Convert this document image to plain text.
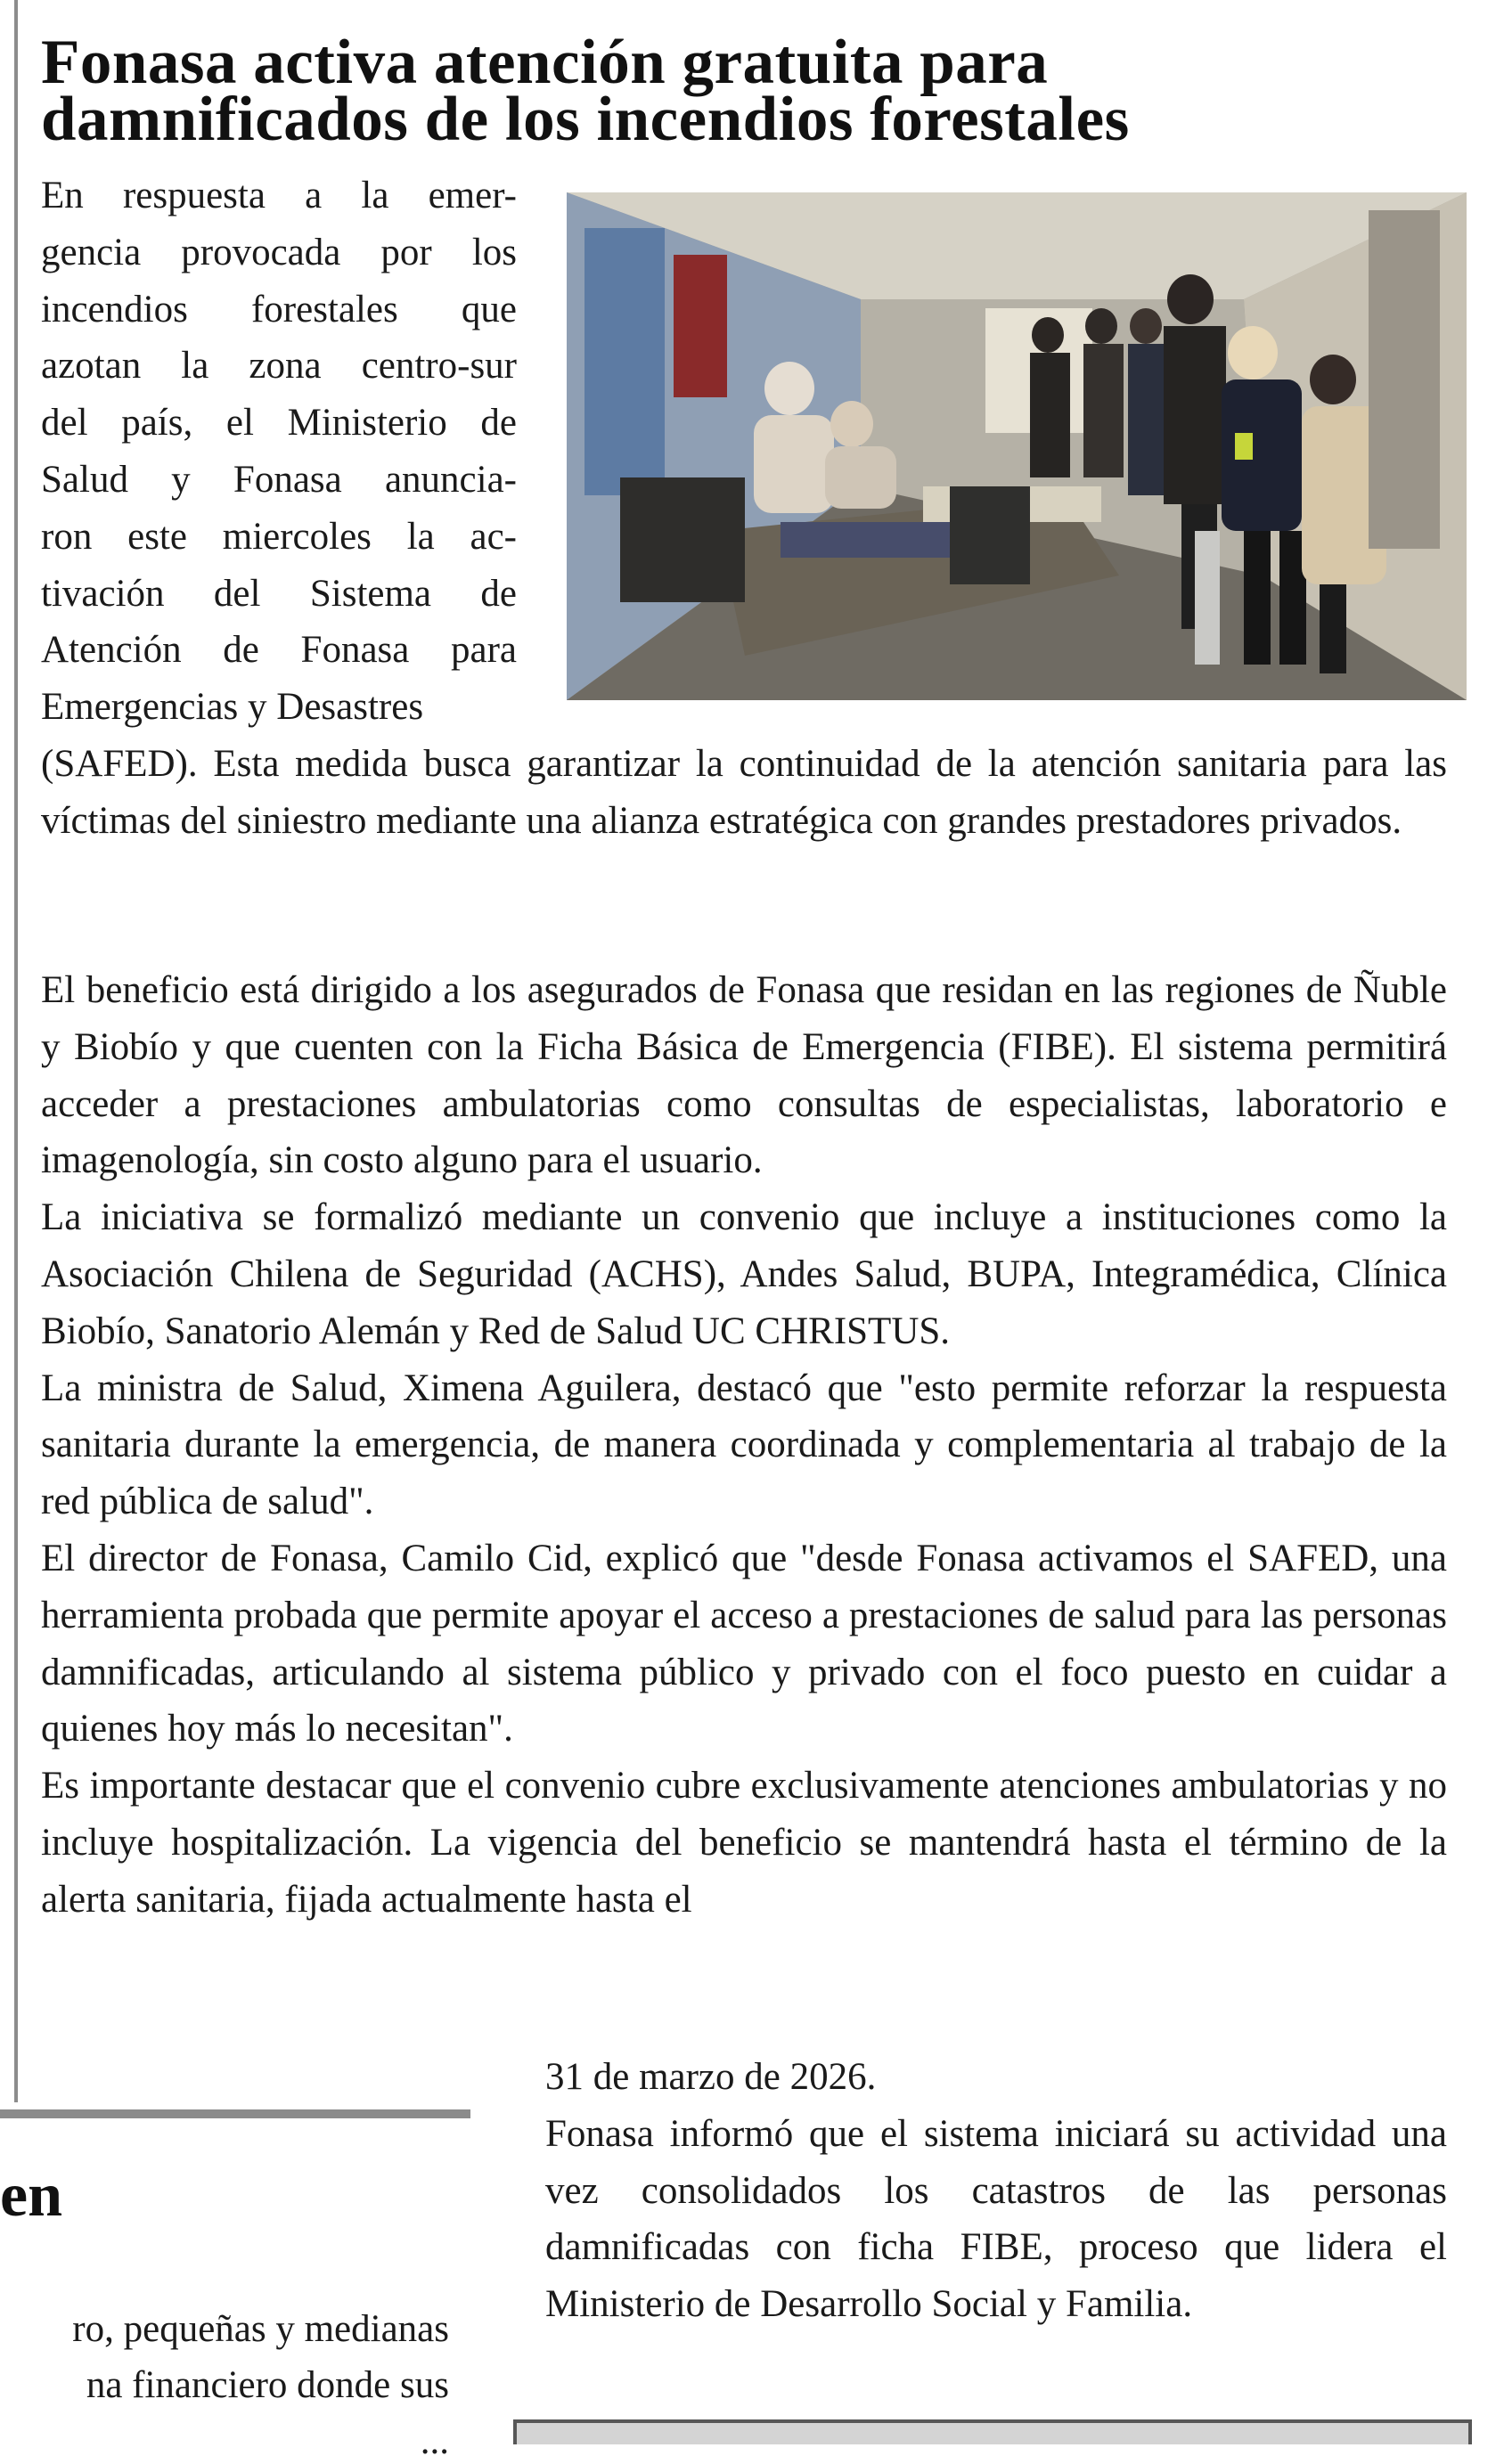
Fonasa activa atención gratuita para
damnificados de los incendios forestales

En respuesta a la emer-

gencia provocada por los

incendios forestales que

azotan la zona centro-sur

del país, el Ministerio de

Salud y Fonasa anuncia-

ron este miercoles la ac-

tivación del Sistema de

Atención de Fonasa para

Emergencias y Desastres

(SAFED). Esta medida busca garantizar la continuidad de la atención sanitaria para las víctimas del siniestro mediante una alianza estratégica con grandes prestadores privados.

El beneficio está dirigido a los asegurados de Fonasa que residan en las regiones de Ñuble y Biobío y que cuenten con la Ficha Básica de Emergencia (FIBE). El sistema permitirá acceder a prestaciones ambulatorias como consultas de especialistas, laboratorio e imagenología, sin costo alguno para el usuario.

La iniciativa se formalizó mediante un convenio que incluye a instituciones como la Asociación Chilena de Seguridad (ACHS), Andes Salud, BUPA, Integramédica, Clínica Biobío, Sanatorio Alemán y Red de Salud UC CHRISTUS.

La ministra de Salud, Ximena Aguilera, destacó que "esto permite reforzar la respuesta sanitaria durante la emergencia, de manera coordinada y complementaria al trabajo de la red pública de salud".

El director de Fonasa, Camilo Cid, explicó que "desde Fonasa activamos el SAFED, una herramienta probada que permite apoyar el acceso a prestaciones de salud para las personas damnificadas, articulando al sistema público y privado con el foco puesto en cuidar a quienes hoy más lo necesitan".

Es importante destacar que el convenio cubre exclusivamente atenciones ambulatorias y no incluye hospitalización. La vigencia del beneficio se mantendrá hasta el término de la alerta sanitaria, fijada actualmente hasta el

31 de marzo de 2026.

Fonasa informó que el sistema iniciará su actividad una vez consolidados los catastros de las personas damnificadas con ficha FIBE, proceso que lidera el Ministerio de Desarrollo Social y Familia.

en

ro, pequeñas y medianas

na financiero donde sus

...
